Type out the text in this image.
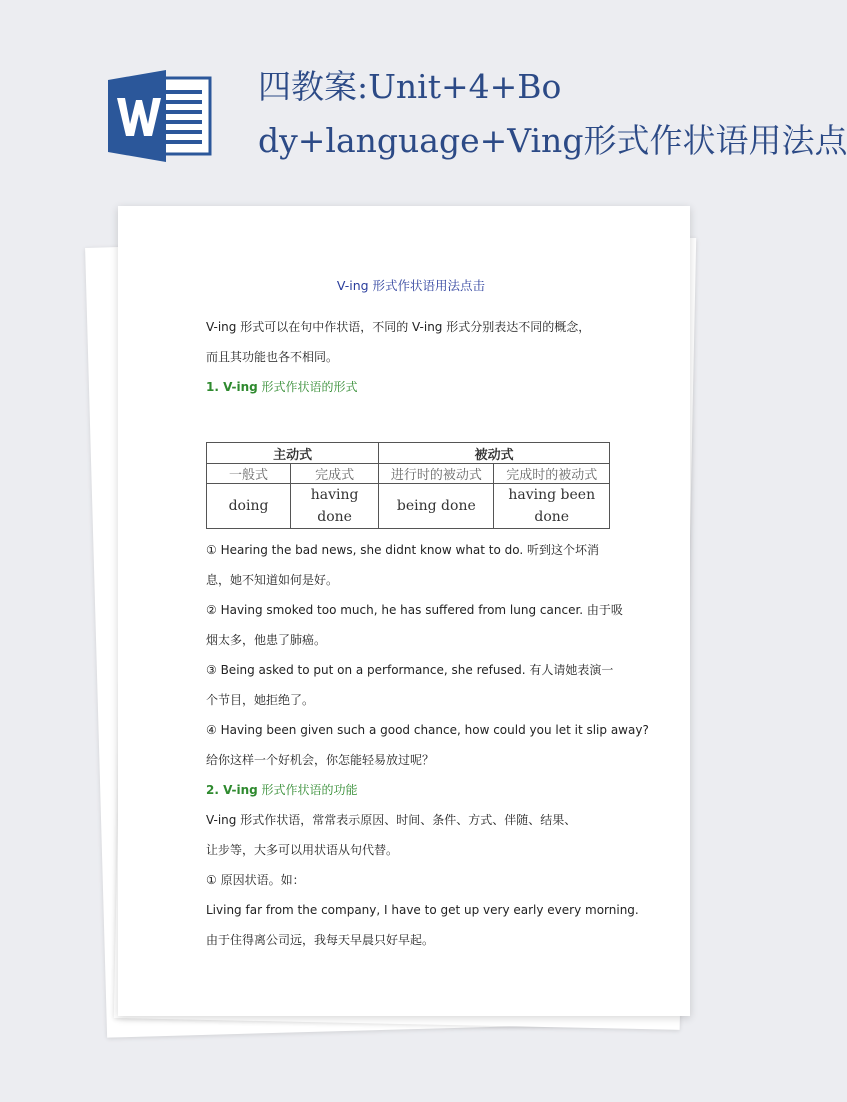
四教案:Unit+4+Bo
dy+language+Ving形式作状语用法点

V-ing 形式作状语用法点击

V-ing 形式可以在句中作状语，不同的 V-ing 形式分别表达不同的概念，

而且其功能也各不相同。

1. V-ing 形式作状语的形式

主动式		被动式	
一般式	完成式	进行时的被动式	完成时的被动式
doing	having done	being done	having been done

① Hearing the bad news, she didnt know what to do. 听到这个坏消

息，她不知道如何是好。

② Having smoked too much, he has suffered from lung cancer. 由于吸

烟太多，他患了肺癌。

③ Being asked to put on a performance, she refused. 有人请她表演一

个节目，她拒绝了。

④ Having been given such a good chance, how could you let it slip away?

给你这样一个好机会，你怎能轻易放过呢？

2. V-ing 形式作状语的功能

V-ing 形式作状语，常常表示原因、时间、条件、方式、伴随、结果、

让步等，大多可以用状语从句代替。

① 原因状语。如：

Living far from the company, I have to get up very early every morning.

由于住得离公司远，我每天早晨只好早起。
